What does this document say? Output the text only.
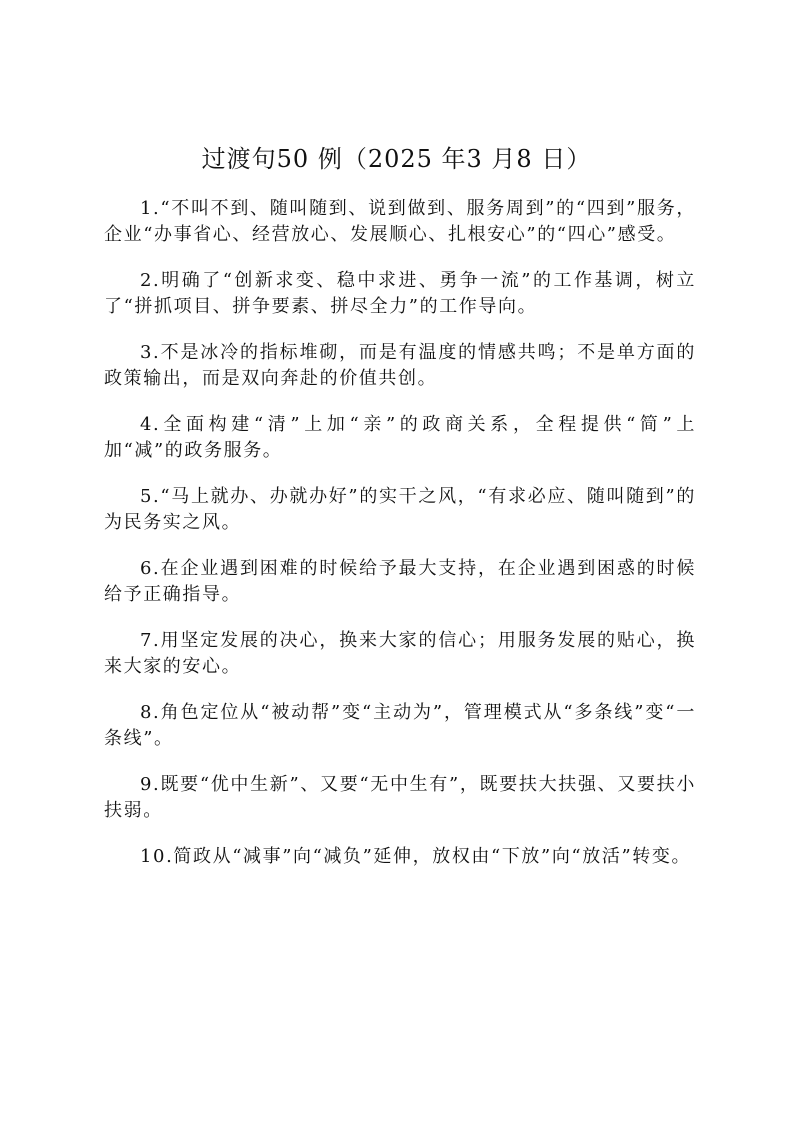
过渡句50 例（2025 年3 月8 日）

1.“不叫不到、随叫随到、说到做到、服务周到”的“四到”服务，企业“办事省心、经营放心、发展顺心、扎根安心”的“四心”感受。

2.明确了“创新求变、稳中求进、勇争一流”的工作基调，树立了“拼抓项目、拼争要素、拼尽全力”的工作导向。

3.不是冰冷的指标堆砌，而是有温度的情感共鸣；不是单方面的政策输出，而是双向奔赴的价值共创。

4.全面构建“清”上加“亲”的政商关系，全程提供“简”上加“减”的政务服务。

5.“马上就办、办就办好”的实干之风，“有求必应、随叫随到”的为民务实之风。

6.在企业遇到困难的时候给予最大支持，在企业遇到困惑的时候给予正确指导。

7.用坚定发展的决心，换来大家的信心；用服务发展的贴心，换来大家的安心。

8.角色定位从“被动帮”变“主动为”，管理模式从“多条线”变“一条线”。

9.既要“优中生新”、又要“无中生有”，既要扶大扶强、又要扶小扶弱。

10.简政从“减事”向“减负”延伸，放权由“下放”向“放活”转变。
